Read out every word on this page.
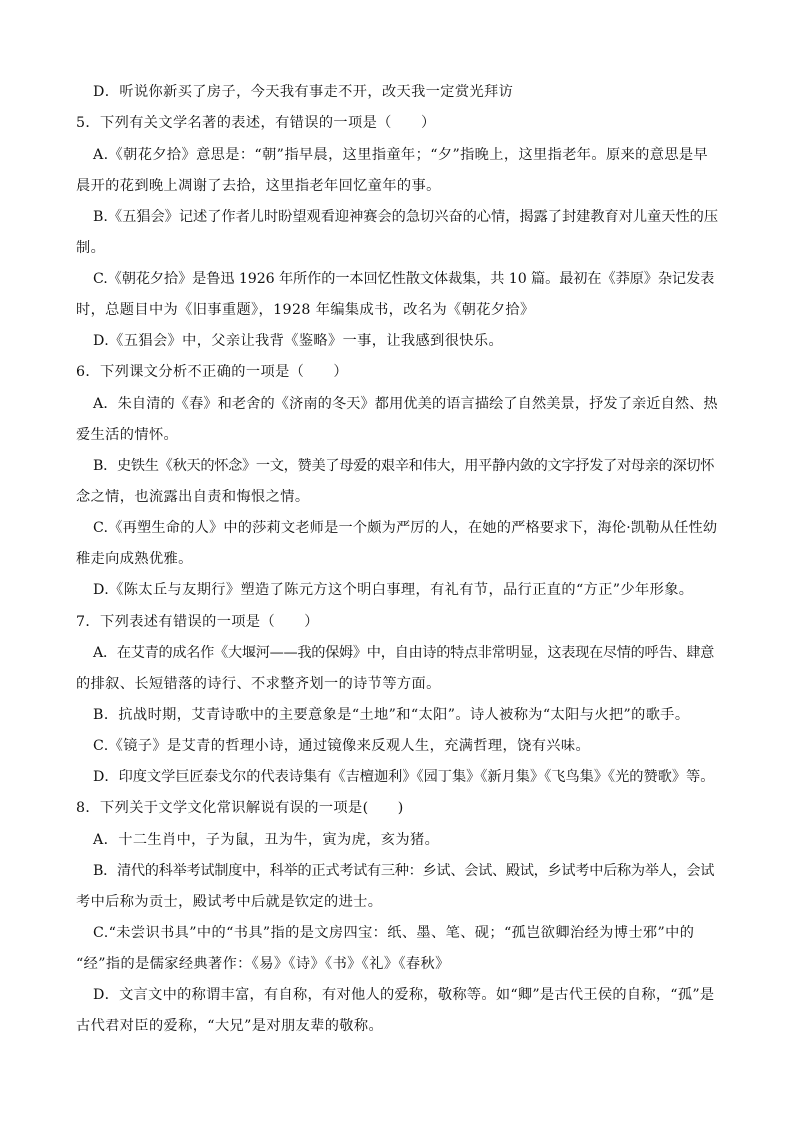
D．听说你新买了房子，今天我有事走不开，改天我一定赏光拜访
5．下列有关文学名著的表述，有错误的一项是（　　）
A.《朝花夕拾》意思是：“朝”指早晨，这里指童年；“夕”指晚上，这里指老年。原来的意思是早
晨开的花到晚上凋谢了去拾，这里指老年回忆童年的事。
B.《五猖会》记述了作者儿时盼望观看迎神赛会的急切兴奋的心情，揭露了封建教育对儿童天性的压
制。
C.《朝花夕拾》是鲁迅 1926 年所作的一本回忆性散文体裁集，共 10 篇。最初在《莽原》杂记发表
时，总题目中为《旧事重题》，1928 年编集成书，改名为《朝花夕拾》
D.《五猖会》中，父亲让我背《鉴略》一事，让我感到很快乐。
6．下列课文分析不正确的一项是（　　）
A．朱自清的《春》和老舍的《济南的冬天》都用优美的语言描绘了自然美景，抒发了亲近自然、热
爱生活的情怀。
B．史铁生《秋天的怀念》一文，赞美了母爱的艰辛和伟大，用平静内敛的文字抒发了对母亲的深切怀
念之情，也流露出自责和悔恨之情。
C.《再塑生命的人》中的莎莉文老师是一个颇为严厉的人，在她的严格要求下，海伦·凯勒从任性幼
稚走向成熟优雅。
D.《陈太丘与友期行》塑造了陈元方这个明白事理，有礼有节，品行正直的“方正”少年形象。
7．下列表述有错误的一项是（　　）
A．在艾青的成名作《大堰河——我的保姆》中，自由诗的特点非常明显，这表现在尽情的呼告、肆意
的排叙、长短错落的诗行、不求整齐划一的诗节等方面。
B．抗战时期，艾青诗歌中的主要意象是“土地”和“太阳”。诗人被称为“太阳与火把”的歌手。
C.《镜子》是艾青的哲理小诗，通过镜像来反观人生，充满哲理，饶有兴味。
D．印度文学巨匠泰戈尔的代表诗集有《吉檀迦利》《园丁集》《新月集》《飞鸟集》《光的赞歌》等。
8．下列关于文学文化常识解说有误的一项是(　　)
A．十二生肖中，子为鼠，丑为牛，寅为虎，亥为猪。
B．清代的科举考试制度中，科举的正式考试有三种：乡试、会试、殿试，乡试考中后称为举人，会试
考中后称为贡士，殿试考中后就是钦定的进士。
C.“未尝识书具”中的“书具”指的是文房四宝：纸、墨、笔、砚；“孤岂欲卿治经为博士邪”中的
“经”指的是儒家经典著作：《易》《诗》《书》《礼》《春秋》
D．文言文中的称谓丰富，有自称，有对他人的爱称，敬称等。如“卿”是古代王侯的自称，“孤”是
古代君对臣的爱称，“大兄”是对朋友辈的敬称。
